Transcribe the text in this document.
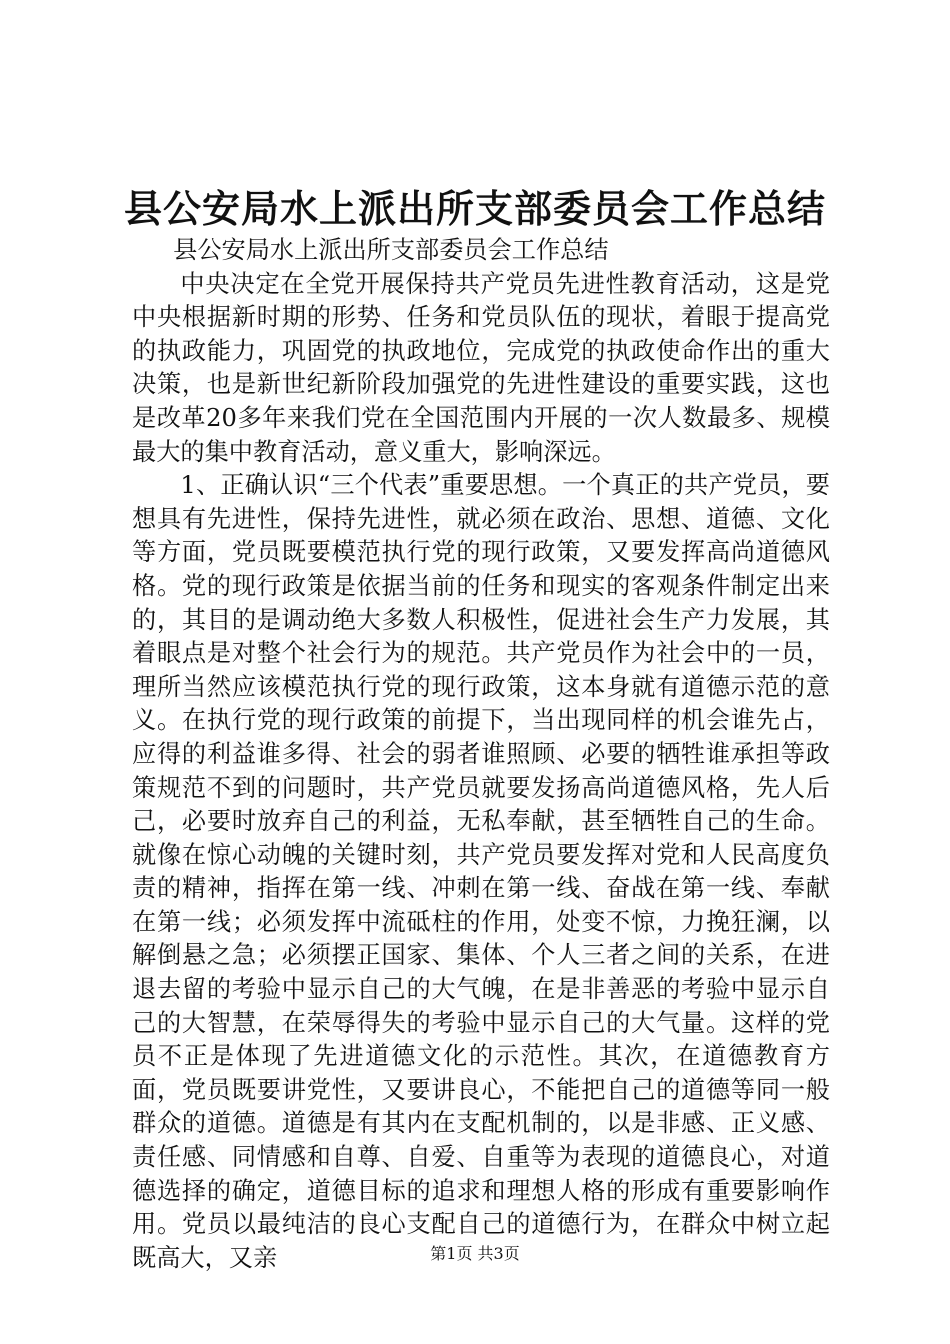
县公安局水上派出所支部委员会工作总结

县公安局水上派出所支部委员会工作总结

中央决定在全党开展保持共产党员先进性教育活动，这是党中央根据新时期的形势、任务和党员队伍的现状，着眼于提高党的执政能力，巩固党的执政地位，完成党的执政使命作出的重大决策，也是新世纪新阶段加强党的先进性建设的重要实践，这也是改革20多年来我们党在全国范围内开展的一次人数最多、规模最大的集中教育活动，意义重大，影响深远。

1、正确认识“三个代表”重要思想。一个真正的共产党员，要想具有先进性，保持先进性，就必须在政治、思想、道德、文化等方面，党员既要模范执行党的现行政策，又要发挥高尚道德风格。党的现行政策是依据当前的任务和现实的客观条件制定出来的，其目的是调动绝大多数人积极性，促进社会生产力发展，其着眼点是对整个社会行为的规范。共产党员作为社会中的一员，理所当然应该模范执行党的现行政策，这本身就有道德示范的意义。在执行党的现行政策的前提下，当出现同样的机会谁先占，应得的利益谁多得、社会的弱者谁照顾、必要的牺牲谁承担等政策规范不到的问题时，共产党员就要发扬高尚道德风格，先人后己，必要时放弃自己的利益，无私奉献，甚至牺牲自己的生命。就像在惊心动魄的关键时刻，共产党员要发挥对党和人民高度负责的精神，指挥在第一线、冲刺在第一线、奋战在第一线、奉献在第一线；必须发挥中流砥柱的作用，处变不惊，力挽狂澜，以解倒悬之急；必须摆正国家、集体、个人三者之间的关系，在进退去留的考验中显示自己的大气魄，在是非善恶的考验中显示自己的大智慧，在荣辱得失的考验中显示自己的大气量。这样的党员不正是体现了先进道德文化的示范性。其次，在道德教育方面，党员既要讲党性，又要讲良心，不能把自己的道德等同一般群众的道德。道德是有其内在支配机制的，以是非感、正义感、责任感、同情感和自尊、自爱、自重等为表现的道德良心，对道德选择的确定，道德目标的追求和理想人格的形成有重要影响作用。党员以最纯洁的良心支配自己的道德行为，在群众中树立起既高大，又亲	第1页 共3页
